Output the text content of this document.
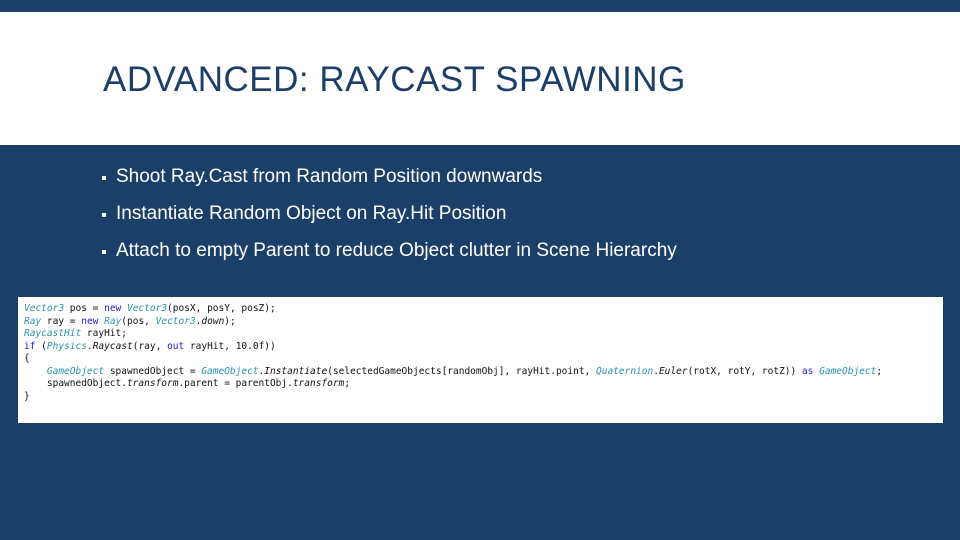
ADVANCED: RAYCAST SPAWNING
Shoot Ray.Cast from Random Position downwards
Instantiate Random Object on Ray.Hit Position
Attach to empty Parent to reduce Object clutter in Scene Hierarchy
Vector3 pos = new Vector3(posX, posY, posZ);
Ray ray = new Ray(pos, Vector3.down);
RaycastHit rayHit;
if (Physics.Raycast(ray, out rayHit, 10.0f))
{
GameObject spawnedObject = GameObject.Instantiate(selectedGameObjects[randomObj], rayHit.point, Quaternion.Euler(rotX, rotY, rotZ)) as GameObject;
spawnedObject.transform.parent = parentObj.transform;
}
